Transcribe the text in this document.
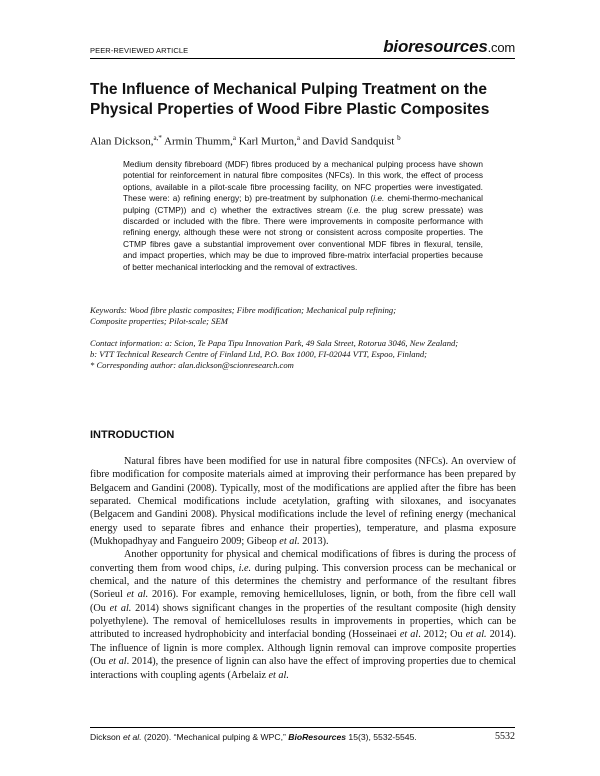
PEER-REVIEWED ARTICLE	bioresources.com
The Influence of Mechanical Pulping Treatment on the
Physical Properties of Wood Fibre Plastic Composites
Alan Dickson,$^{a,*}$ Armin Thumm,$^a$ Karl Murton,$^a$ and David Sandquist $^b$

Medium density fibreboard (MDF) fibres produced by a mechanical pulping process have shown potential for reinforcement in natural fibre composites (NFCs). In this work, the effect of process options, available in a pilot-scale fibre processing facility, on NFC properties were investigated. These were: a) refining energy; b) pre-treatment by sulphonation (i.e. chemi-thermo-mechanical pulping (CTMP)) and c) whether the extractives stream (i.e. the plug screw pressate) was discarded or included with the fibre. There were improvements in composite performance with refining energy, although these were not strong or consistent across composite properties. The CTMP fibres gave a substantial improvement over conventional MDF fibres in flexural, tensile, and impact properties, which may be due to improved fibre-matrix interfacial properties because of better mechanical interlocking and the removal of extractives.

Keywords: Wood fibre plastic composites; Fibre modification; Mechanical pulp refining;
Composite properties; Pilot-scale; SEM
Contact information: a: Scion, Te Papa Tipu Innovation Park, 49 Sala Street, Rotorua 3046, New Zealand;
b: VTT Technical Research Centre of Finland Ltd, P.O. Box 1000, FI-02044 VTT, Espoo, Finland;
* Corresponding author: alan.dickson@scionresearch.com
INTRODUCTION

Natural fibres have been modified for use in natural fibre composites (NFCs). An overview of fibre modification for composite materials aimed at improving their performance has been prepared by Belgacem and Gandini (2008). Typically, most of the modifications are applied after the fibre has been separated. Chemical modifications include acetylation, grafting with siloxanes, and isocyanates (Belgacem and Gandini 2008). Physical modifications include the level of refining energy (mechanical energy used to separate fibres and enhance their properties), temperature, and plasma exposure (Mukhopadhyay and Fangueiro 2009; Gibeop et al. 2013).

Another opportunity for physical and chemical modifications of fibres is during the process of converting them from wood chips, i.e. during pulping. This conversion process can be mechanical or chemical, and the nature of this determines the chemistry and performance of the resultant fibres (Sorieul et al. 2016). For example, removing hemicelluloses, lignin, or both, from the fibre cell wall (Ou et al. 2014) shows significant changes in the properties of the resultant composite (high density polyethylene). The removal of hemicelluloses results in improvements in properties, which can be attributed to increased hydrophobicity and interfacial bonding (Hosseinaei et al. 2012; Ou et al. 2014). The influence of lignin is more complex. Although lignin removal can improve composite properties (Ou et al. 2014), the presence of lignin can also have the effect of improving properties due to chemical interactions with coupling agents (Arbelaiz et al.

Dickson et al. (2020). “Mechanical pulping & WPC,” BioResources 15(3), 5532-5545.	5532
